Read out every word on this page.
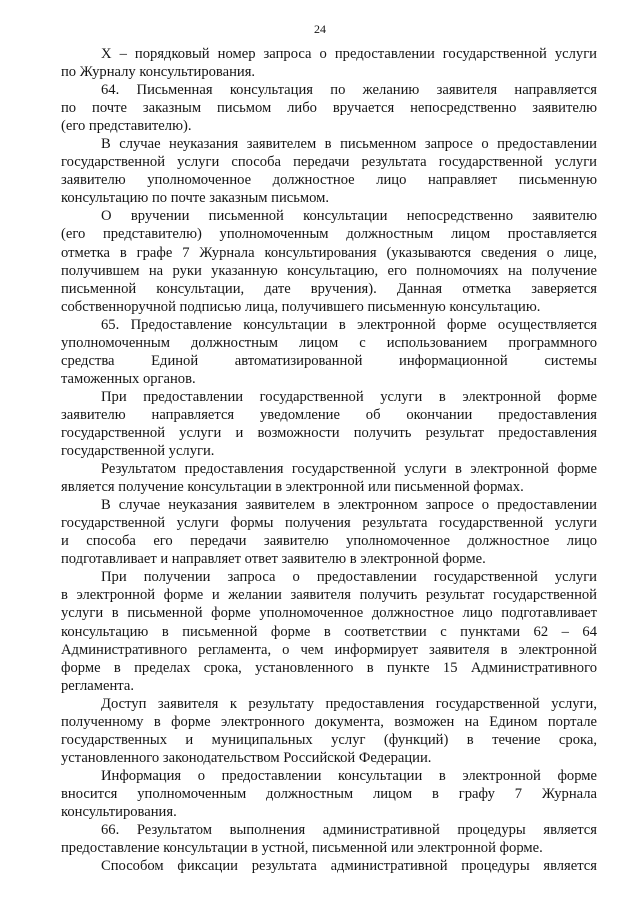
24
X – порядковый номер запроса о предоставлении государственной услуги
по Журналу консультирования.
64. Письменная консультация по желанию заявителя направляется
по почте заказным письмом либо вручается непосредственно заявителю
(его представителю).
В случае неуказания заявителем в письменном запросе о предоставлении
государственной услуги способа передачи результата государственной услуги
заявителю уполномоченное должностное лицо направляет письменную
консультацию по почте заказным письмом.
О вручении письменной консультации непосредственно заявителю
(его представителю) уполномоченным должностным лицом проставляется
отметка в графе 7 Журнала консультирования (указываются сведения о лице,
получившем на руки указанную консультацию, его полномочиях на получение
письменной консультации, дате вручения). Данная отметка заверяется
собственноручной подписью лица, получившего письменную консультацию.
65. Предоставление консультации в электронной форме осуществляется
уполномоченным должностным лицом с использованием программного
средства Единой автоматизированной информационной системы
таможенных органов.
При предоставлении государственной услуги в электронной форме
заявителю направляется уведомление об окончании предоставления
государственной услуги и возможности получить результат предоставления
государственной услуги.
Результатом предоставления государственной услуги в электронной форме
является получение консультации в электронной или письменной формах.
В случае неуказания заявителем в электронном запросе о предоставлении
государственной услуги формы получения результата государственной услуги
и способа его передачи заявителю уполномоченное должностное лицо
подготавливает и направляет ответ заявителю в электронной форме.
При получении запроса о предоставлении государственной услуги
в электронной форме и желании заявителя получить результат государственной
услуги в письменной форме уполномоченное должностное лицо подготавливает
консультацию в письменной форме в соответствии с пунктами 62 – 64
Административного регламента, о чем информирует заявителя в электронной
форме в пределах срока, установленного в пункте 15 Административного
регламента.
Доступ заявителя к результату предоставления государственной услуги,
полученному в форме электронного документа, возможен на Едином портале
государственных и муниципальных услуг (функций) в течение срока,
установленного законодательством Российской Федерации.
Информация о предоставлении консультации в электронной форме
вносится уполномоченным должностным лицом в графу 7 Журнала
консультирования.
66. Результатом выполнения административной процедуры является
предоставление консультации в устной, письменной или электронной форме.
Способом фиксации результата административной процедуры является
